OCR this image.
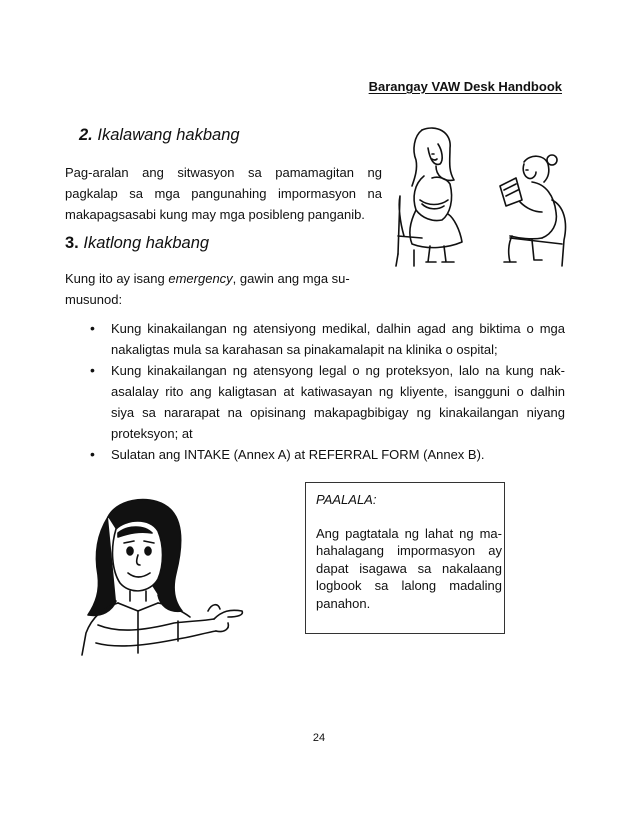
Barangay VAW Desk Handbook
2. Ikalawang hakbang
Pag-aralan ang sitwasyon sa pamamagitan ng
pagkalap sa mga pangunahing impormasyon na
makapagsasabi kung may mga posibleng panganib.
3. Ikatlong hakbang
Kung ito ay isang emergency, gawin ang mga su-
musunod:
• Kung kinakailangan ng atensiyong medikal, dalhin agad ang biktima o mga
nakaligtas mula sa karahasan sa pinakamalapit na klinika o ospital;
• Kung kinakailangan ng atensyong legal o ng proteksyon, lalo na kung nak-
asalalay rito ang kaligtasan at katiwasayan ng kliyente, isangguni o dalhin
siya sa nararapat na opisinang makapagbibigay ng kinakailangan niyang
proteksyon; at
• Sulatan ang INTAKE (Annex A) at REFERRAL FORM (Annex B).
PAALALA:
Ang pagtatala ng lahat ng ma-
hahalagang impormasyon ay
dapat isagawa sa nakalaang
logbook sa lalong madaling
panahon.
24
